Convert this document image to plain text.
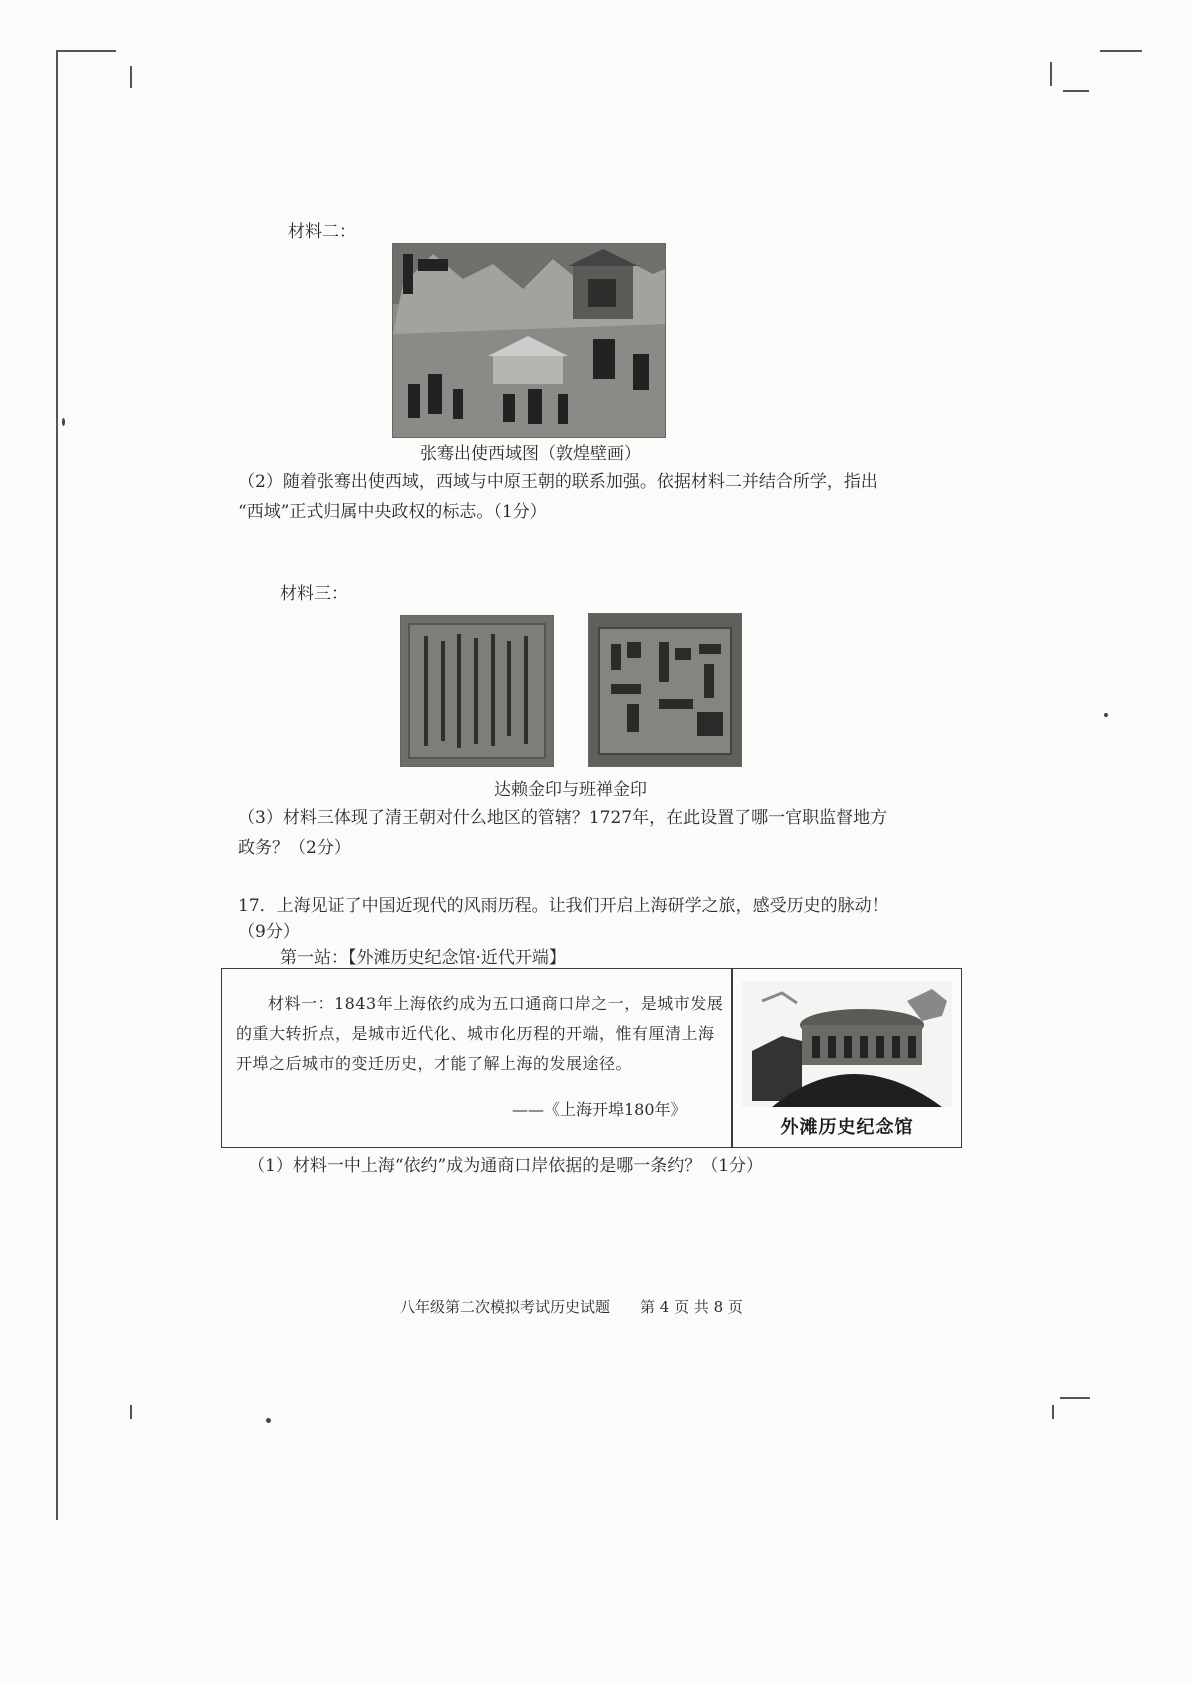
材料二：
张骞出使西域图（敦煌壁画）
（2）随着张骞出使西域，西域与中原王朝的联系加强。依据材料二并结合所学，指出
“西域”正式归属中央政权的标志。（1分）
材料三：
达赖金印与班禅金印
（3）材料三体现了清王朝对什么地区的管辖？1727年，在此设置了哪一官职监督地方
政务？（2分）
17．上海见证了中国近现代的风雨历程。让我们开启上海研学之旅，感受历史的脉动！
（9分）
第一站：【外滩历史纪念馆·近代开端】
材料一：1843年上海依约成为五口通商口岸之一，是城市发展的重大转折点，是城市近代化、城市化历程的开端，惟有厘清上海开埠之后城市的变迁历史，才能了解上海的发展途径。
——《上海开埠180年》
外滩历史纪念馆
（1）材料一中上海“依约”成为通商口岸依据的是哪一条约？（1分）
八年级第二次模拟考试历史试题　　第 4 页 共 8 页
